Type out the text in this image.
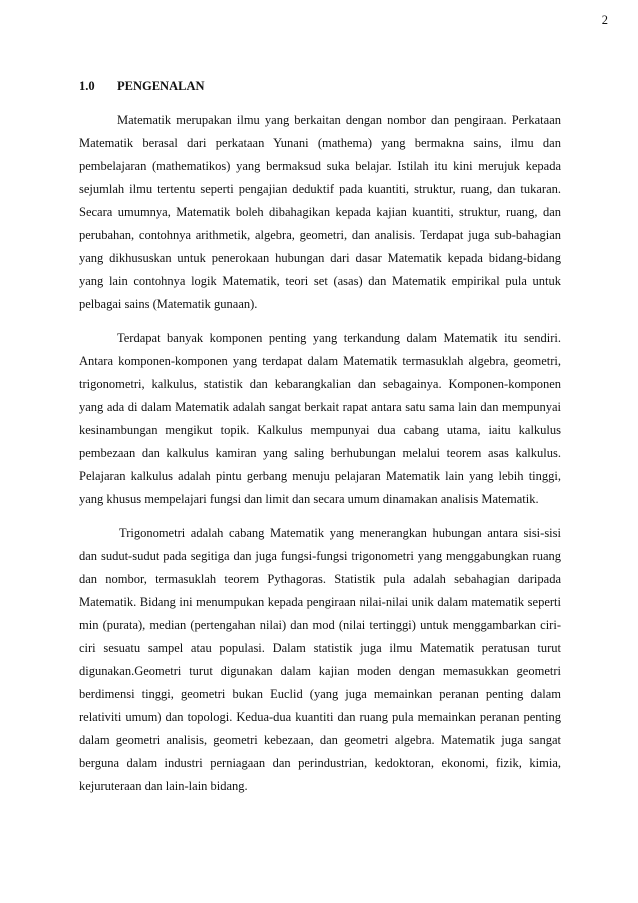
2
1.0	PENGENALAN

Matematik merupakan ilmu yang berkaitan dengan nombor dan pengiraan. Perkataan Matematik berasal dari perkataan Yunani (mathema) yang bermakna sains, ilmu dan pembelajaran (mathematikos) yang bermaksud suka belajar. Istilah itu kini merujuk kepada sejumlah ilmu tertentu seperti pengajian deduktif pada kuantiti, struktur, ruang, dan tukaran. Secara umumnya, Matematik boleh dibahagikan kepada kajian kuantiti, struktur, ruang, dan perubahan, contohnya arithmetik, algebra, geometri, dan analisis. Terdapat juga sub-bahagian yang dikhususkan untuk penerokaan hubungan dari dasar Matematik kepada bidang-bidang yang lain contohnya logik Matematik, teori set (asas) dan Matematik empirikal pula untuk pelbagai sains (Matematik gunaan).

Terdapat banyak komponen penting yang terkandung dalam Matematik itu sendiri. Antara komponen-komponen yang terdapat dalam Matematik termasuklah algebra, geometri, trigonometri, kalkulus, statistik dan kebarangkalian dan sebagainya. Komponen-komponen yang ada di dalam Matematik adalah sangat berkait rapat antara satu sama lain dan mempunyai kesinambungan mengikut topik. Kalkulus mempunyai dua cabang utama, iaitu kalkulus pembezaan dan kalkulus kamiran yang saling berhubungan melalui teorem asas kalkulus. Pelajaran kalkulus adalah pintu gerbang menuju pelajaran Matematik lain yang lebih tinggi, yang khusus mempelajari fungsi dan limit dan secara umum dinamakan analisis Matematik.

Trigonometri adalah cabang Matematik yang menerangkan hubungan antara sisi-sisi dan sudut-sudut pada segitiga dan juga fungsi-fungsi trigonometri yang menggabungkan ruang dan nombor, termasuklah teorem Pythagoras. Statistik pula adalah sebahagian daripada Matematik. Bidang ini menumpukan kepada pengiraan nilai-nilai unik dalam matematik seperti min (purata), median (pertengahan nilai) dan mod (nilai tertinggi) untuk menggambarkan ciri-ciri sesuatu sampel atau populasi. Dalam statistik juga ilmu Matematik peratusan turut digunakan.Geometri turut digunakan dalam kajian moden dengan memasukkan geometri berdimensi tinggi, geometri bukan Euclid (yang juga memainkan peranan penting dalam relativiti umum) dan topologi. Kedua-dua kuantiti dan ruang pula memainkan peranan penting dalam geometri analisis, geometri kebezaan, dan geometri algebra. Matematik juga sangat berguna dalam industri perniagaan dan perindustrian, kedoktoran, ekonomi, fizik, kimia, kejuruteraan dan lain-lain bidang.
